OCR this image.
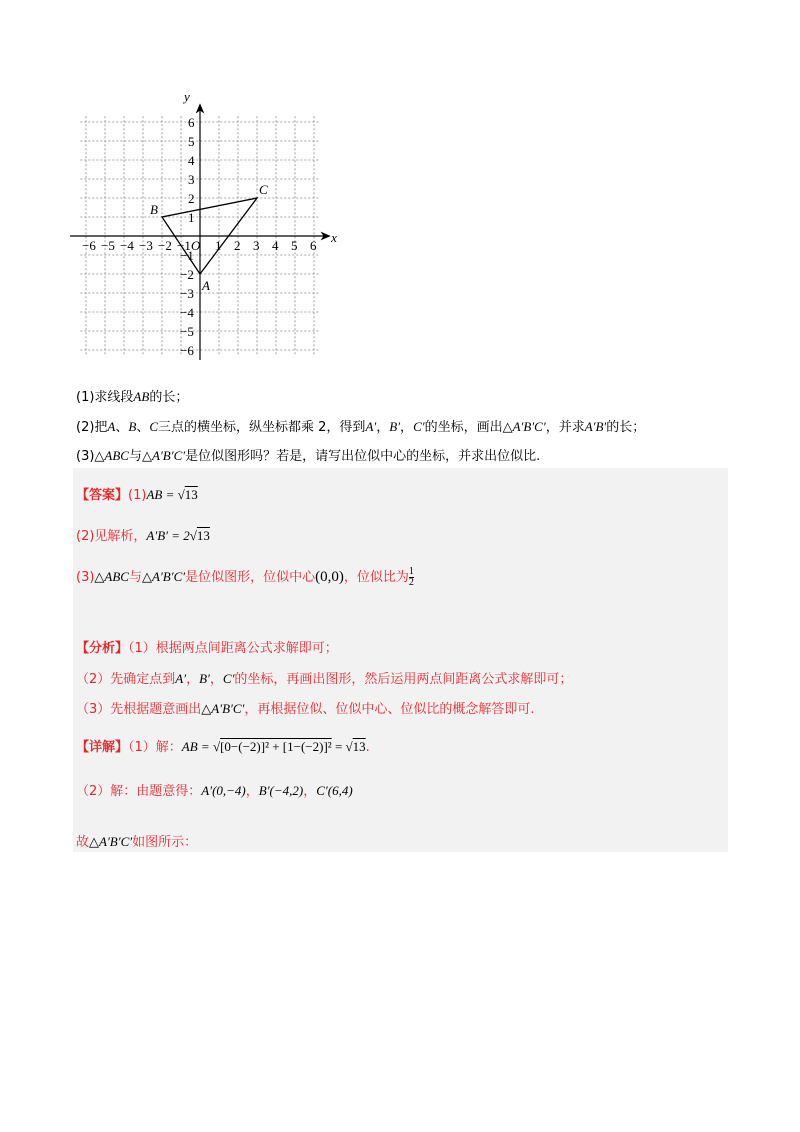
−6 −5 −4 −3 −2 −1 O 1 2 3 4 5 6
1
2
3
4
5
6
−1
−2
−3
−4
−5
−6
x
y
A
B
C
(1)求线段AB的长；
(2)把A、B、C三点的横坐标，纵坐标都乘 2，得到A′，B′，C′的坐标，画出△A′B′C′，并求A′B′的长；
(3)△ABC与△A′B′C′是位似图形吗？若是，请写出位似中心的坐标，并求出位似比.
【答案】(1)AB = √13
(2)见解析，A′B′ = 2√13
(3)△ABC与△A′B′C′是位似图形，位似中心(0,0)，位似比为 $\frac{1}{2}$
【分析】（1）根据两点间距离公式求解即可；
（2）先确定点到A′，B′，C′的坐标，再画出图形，然后运用两点间距离公式求解即可；
（3）先根据题意画出△A′B′C′，再根据位似、位似中心、位似比的概念解答即可.
【详解】（1）解：AB = √[0−(−2)]² + [1−(−2)]² = √13.
（2）解：由题意得：A′(0,−4)，B′(−4,2)，C′(6,4)
故△A′B′C′如图所示：
